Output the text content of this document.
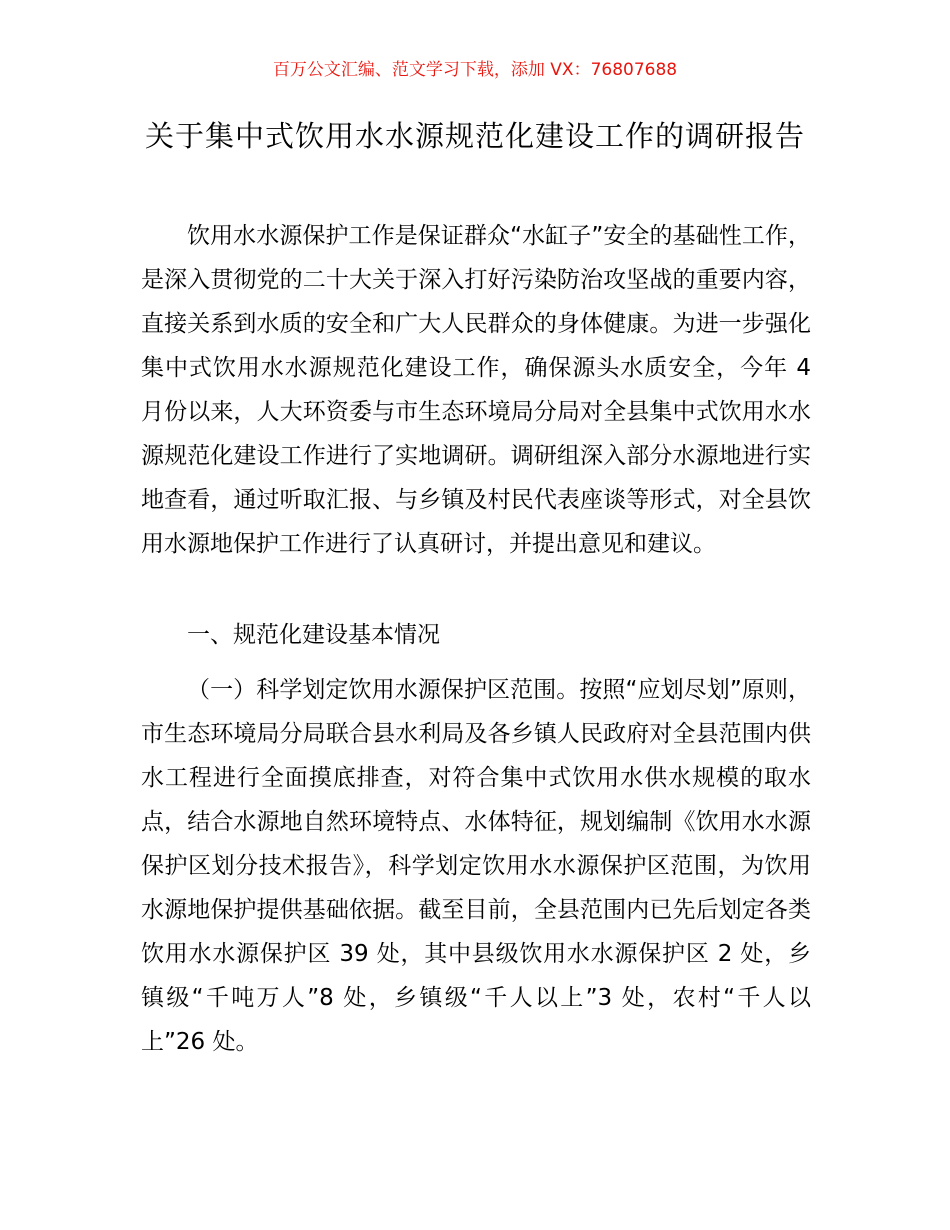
百万公文汇编、范文学习下载，添加 VX：76807688
关于集中式饮用水水源规范化建设工作的调研报告

饮用水水源保护工作是保证群众“水缸子”安全的基础性工作，是深入贯彻党的二十大关于深入打好污染防治攻坚战的重要内容，直接关系到水质的安全和广大人民群众的身体健康。为进一步强化集中式饮用水水源规范化建设工作，确保源头水质安全，今年 4 月份以来，人大环资委与市生态环境局分局对全县集中式饮用水水源规范化建设工作进行了实地调研。调研组深入部分水源地进行实地查看，通过听取汇报、与乡镇及村民代表座谈等形式，对全县饮用水源地保护工作进行了认真研讨，并提出意见和建议。

一、规范化建设基本情况

（一）科学划定饮用水源保护区范围。按照“应划尽划”原则，市生态环境局分局联合县水利局及各乡镇人民政府对全县范围内供水工程进行全面摸底排查，对符合集中式饮用水供水规模的取水点，结合水源地自然环境特点、水体特征，规划编制《饮用水水源保护区划分技术报告》，科学划定饮用水水源保护区范围，为饮用水源地保护提供基础依据。截至目前，全县范围内已先后划定各类饮用水水源保护区 39 处，其中县级饮用水水源保护区 2 处，乡镇级“千吨万人”8 处，乡镇级“千人以上”3 处，农村“千人以上”26 处。
